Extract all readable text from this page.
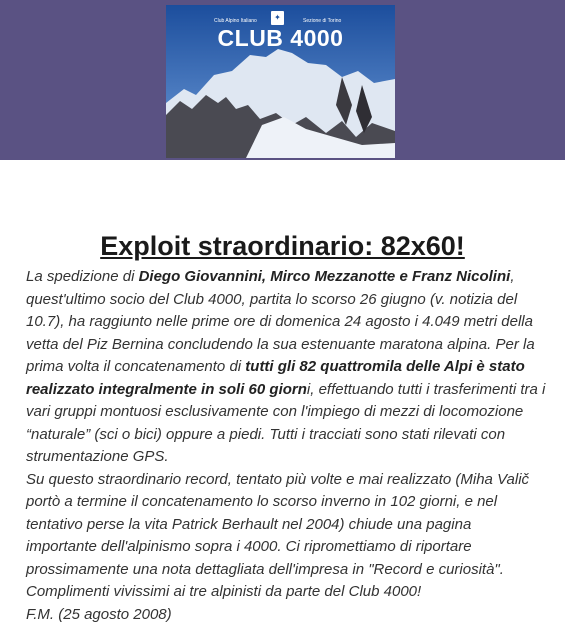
Club Alpino Italiano	✦	Sezione di Torino
CLUB 4000
Exploit straordinario: 82x60!

La spedizione di Diego Giovannini, Mirco Mezzanotte e Franz Nicolini, quest'ultimo socio del Club 4000, partita lo scorso 26 giugno (v. notizia del 10.7), ha raggiunto nelle prime ore di domenica 24 agosto i 4.049 metri della vetta del Piz Bernina concludendo la sua estenuante maratona alpina. Per la prima volta il concatenamento di tutti gli 82 quattromila delle Alpi è stato realizzato integralmente in soli 60 giorni, effettuando tutti i trasferimenti tra i vari gruppi montuosi esclusivamente con l'impiego di mezzi di locomozione “naturale” (sci o bici) oppure a piedi. Tutti i tracciati sono stati rilevati con strumentazione GPS.

Su questo straordinario record, tentato più volte e mai realizzato (Miha Valič portò a termine il concatenamento lo scorso inverno in 102 giorni, e nel tentativo perse la vita Patrick Berhault nel 2004) chiude una pagina importante dell'alpinismo sopra i 4000. Ci ripromettiamo di riportare prossimamente una nota dettagliata dell'impresa in "Record e curiosità".

Complimenti vivissimi ai tre alpinisti da parte del Club 4000!

F.M. (25 agosto 2008)
